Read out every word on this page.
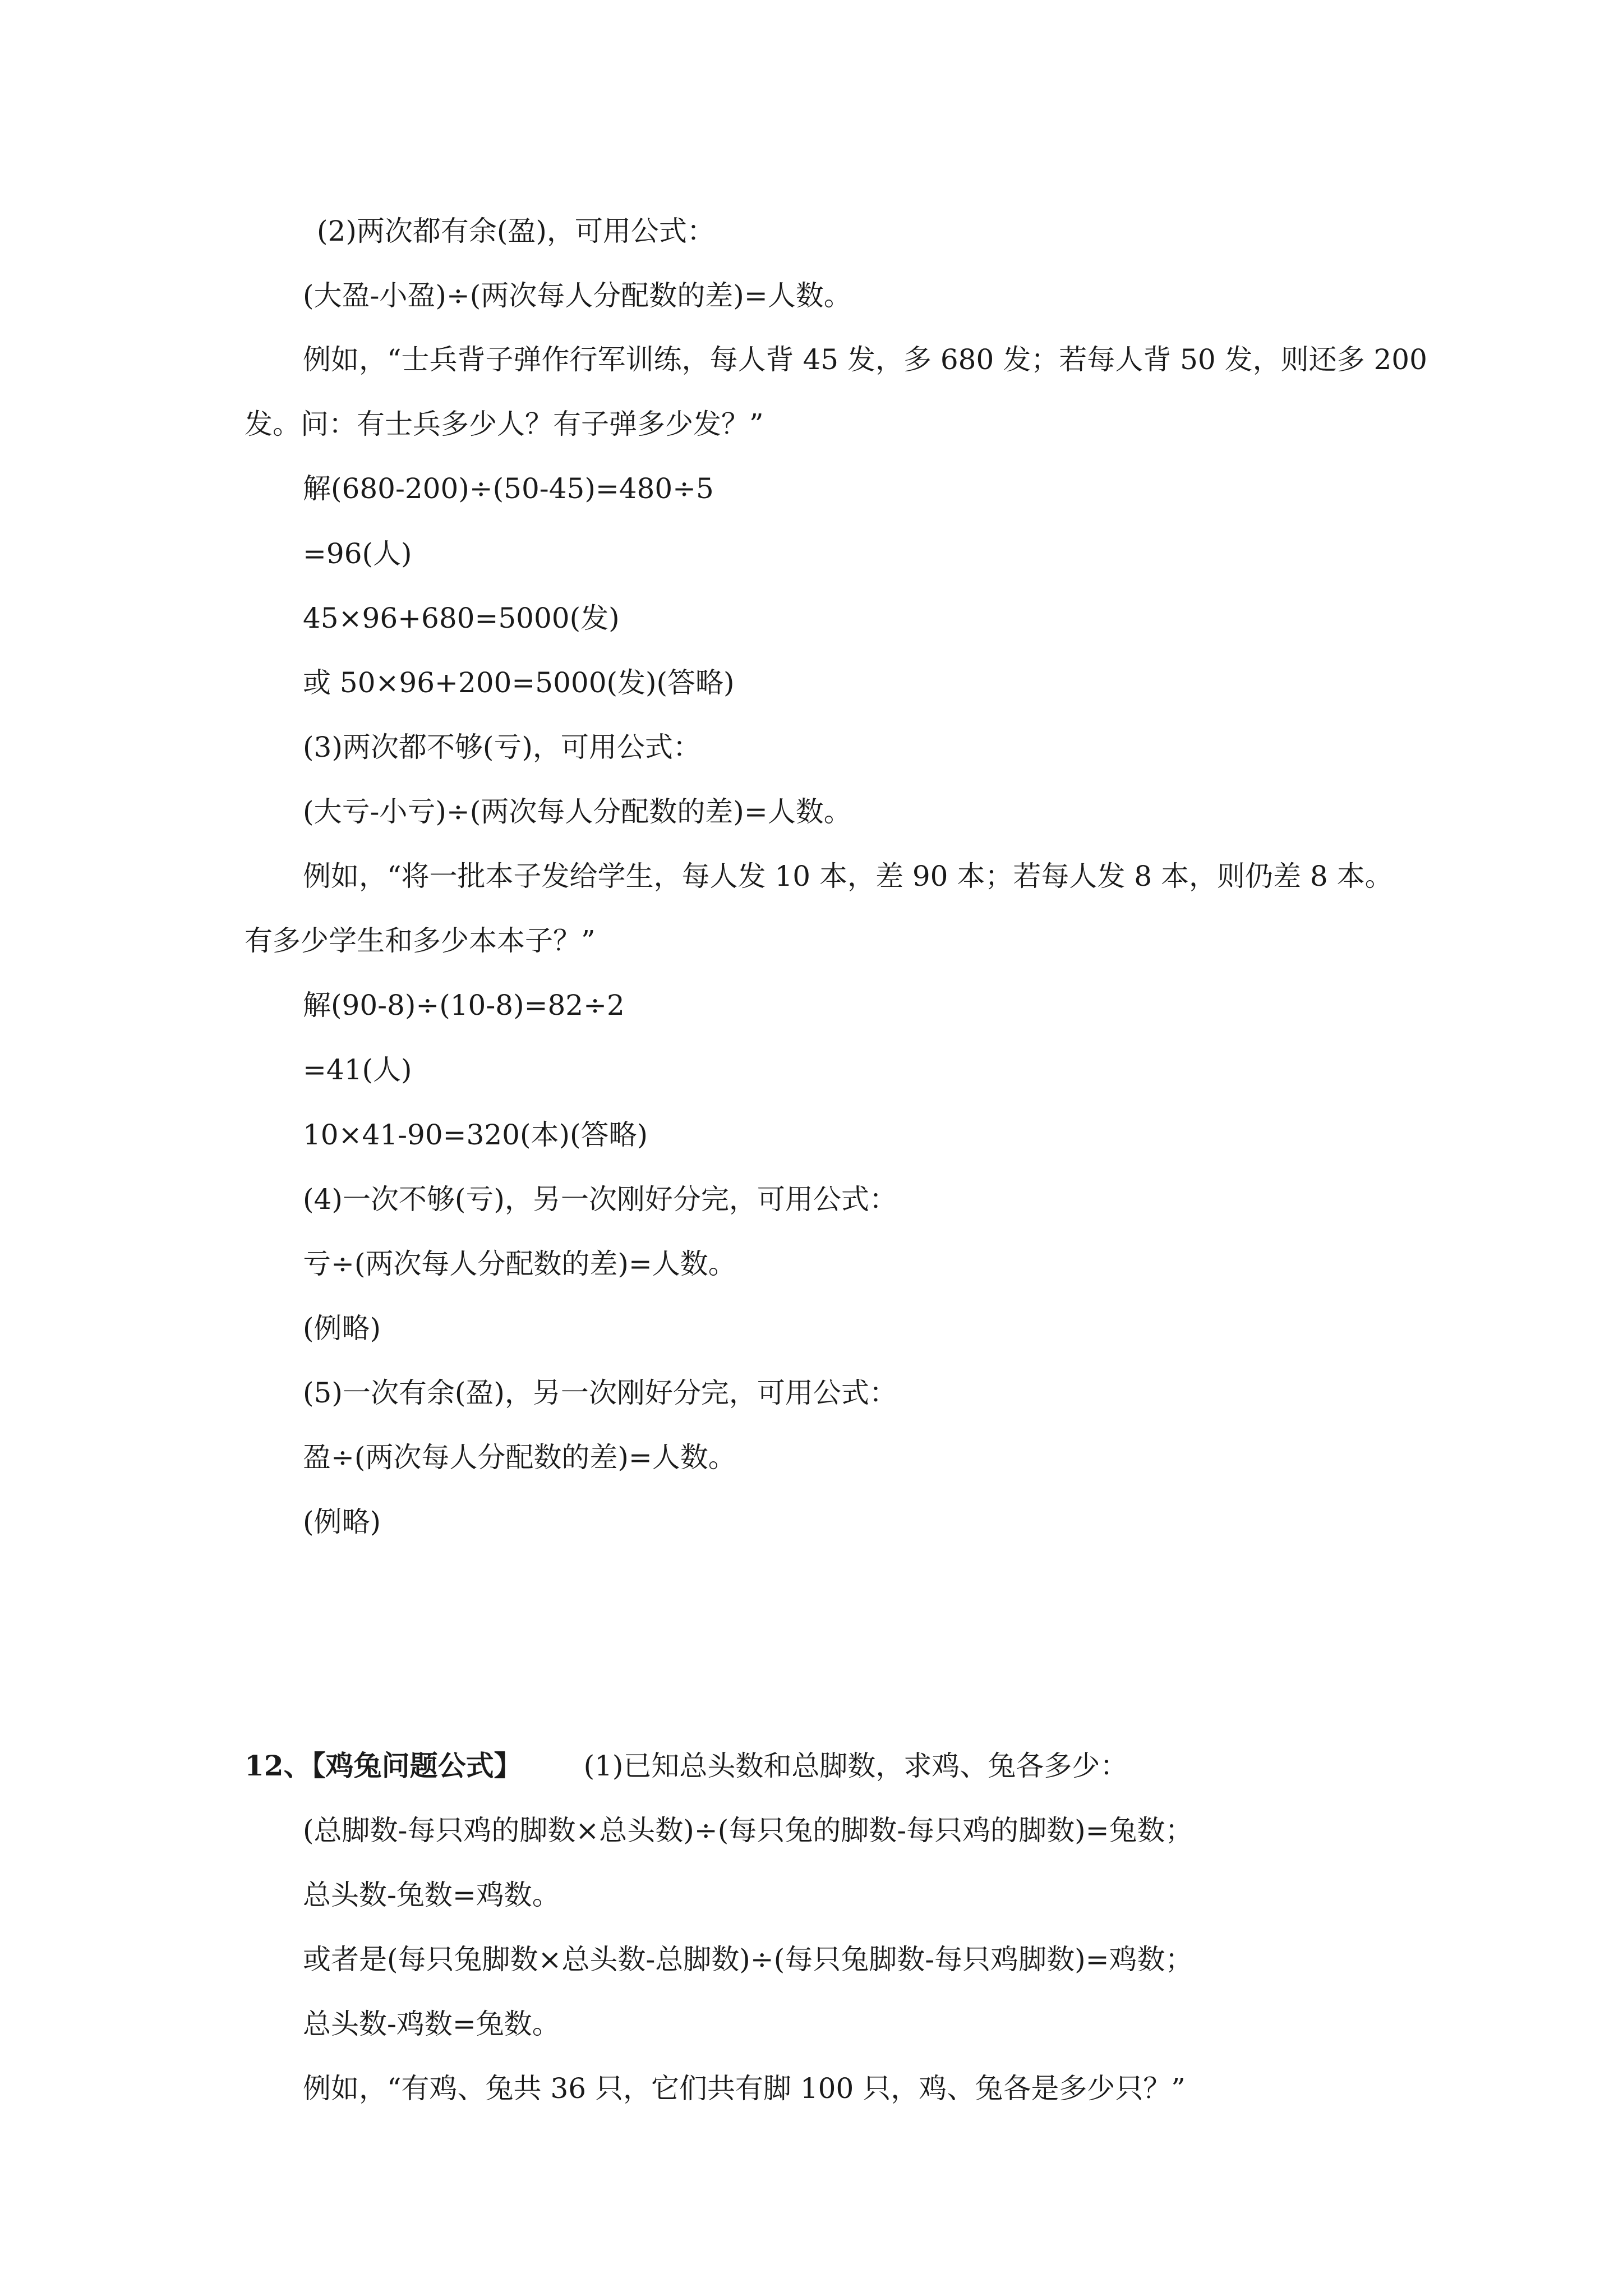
(2)两次都有余(盈)，可用公式：

(大盈-小盈)÷(两次每人分配数的差)=人数。

例如，“士兵背子弹作行军训练，每人背 45 发，多 680 发；若每人背 50 发，则还多 200

发。问：有士兵多少人？有子弹多少发？”

解(680-200)÷(50-45)=480÷5

=96(人)

45×96+680=5000(发)

或 50×96+200=5000(发)(答略)

(3)两次都不够(亏)，可用公式：

(大亏-小亏)÷(两次每人分配数的差)=人数。

例如，“将一批本子发给学生，每人发 10 本，差 90 本；若每人发 8 本，则仍差 8 本。

有多少学生和多少本本子？”

解(90-8)÷(10-8)=82÷2

=41(人)

10×41-90=320(本)(答略)

(4)一次不够(亏)，另一次刚好分完，可用公式：

亏÷(两次每人分配数的差)=人数。

(例略)

(5)一次有余(盈)，另一次刚好分完，可用公式：

盈÷(两次每人分配数的差)=人数。

(例略)

12、【鸡兔问题公式】 (1)已知总头数和总脚数，求鸡、兔各多少：

(总脚数-每只鸡的脚数×总头数)÷(每只兔的脚数-每只鸡的脚数)=兔数；

总头数-兔数=鸡数。

或者是(每只兔脚数×总头数-总脚数)÷(每只兔脚数-每只鸡脚数)=鸡数；

总头数-鸡数=兔数。

例如，“有鸡、兔共 36 只，它们共有脚 100 只，鸡、兔各是多少只？”
